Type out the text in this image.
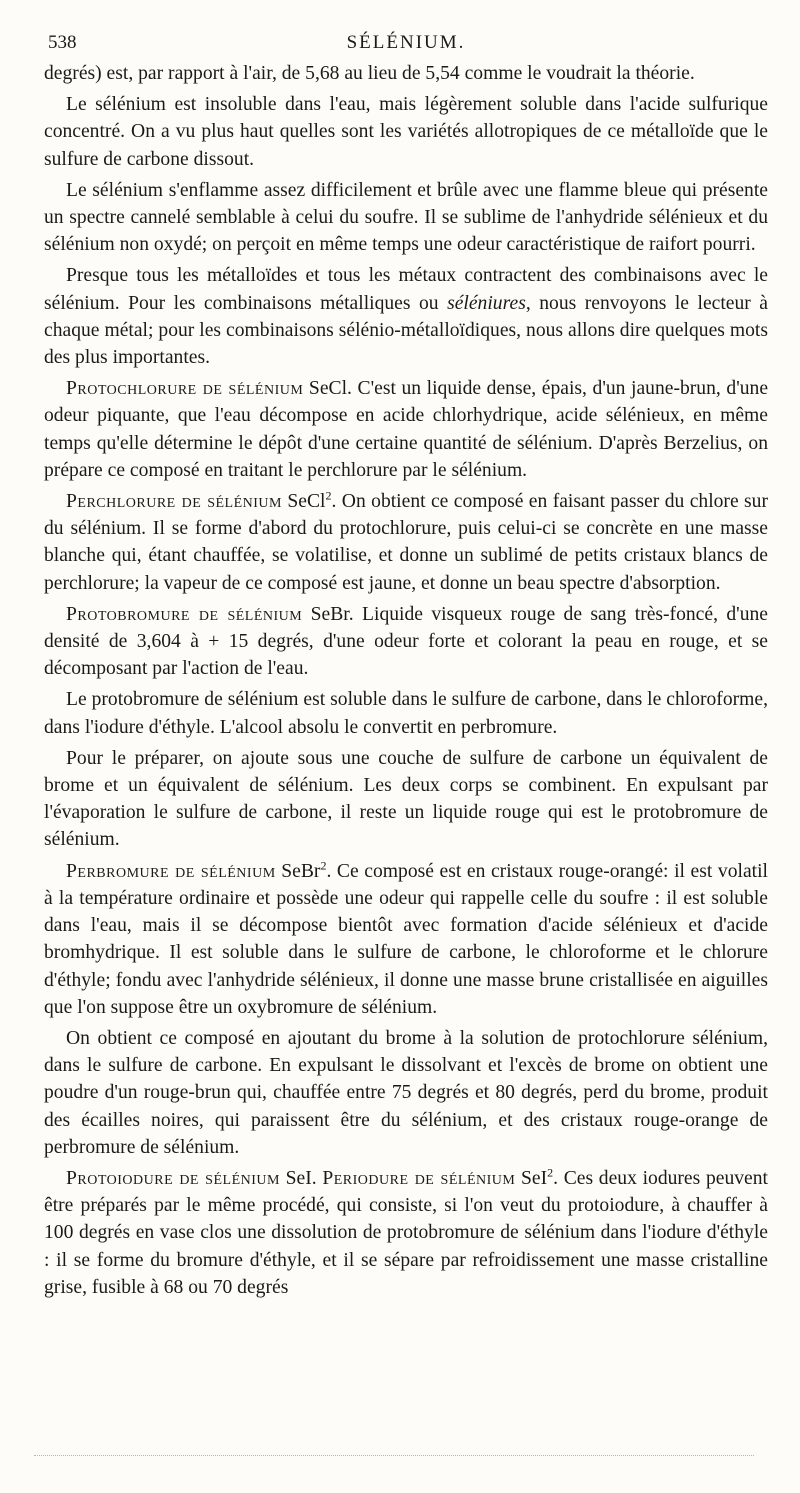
538	SÉLÉNIUM.

degrés) est, par rapport à l'air, de 5,68 au lieu de 5,54 comme le voudrait la théorie.

Le sélénium est insoluble dans l'eau, mais légèrement soluble dans l'acide sulfurique concentré. On a vu plus haut quelles sont les variétés allotropiques de ce métalloïde que le sulfure de carbone dissout.

Le sélénium s'enflamme assez difficilement et brûle avec une flamme bleue qui présente un spectre cannelé semblable à celui du soufre. Il se sublime de l'anhydride sélénieux et du sélénium non oxydé; on perçoit en même temps une odeur caractéristique de raifort pourri.

Presque tous les métalloïdes et tous les métaux contractent des combinaisons avec le sélénium. Pour les combinaisons métalliques ou séléniures, nous renvoyons le lecteur à chaque métal; pour les combinaisons sélénio-métalloïdiques, nous allons dire quelques mots des plus importantes.

Protochlorure de sélénium SeCl. C'est un liquide dense, épais, d'un jaune-brun, d'une odeur piquante, que l'eau décompose en acide chlorhydrique, acide sélénieux, en même temps qu'elle détermine le dépôt d'une certaine quantité de sélénium. D'après Berzelius, on prépare ce composé en traitant le perchlorure par le sélénium.

Perchlorure de sélénium SeCl$^2$. On obtient ce composé en faisant passer du chlore sur du sélénium. Il se forme d'abord du protochlorure, puis celui-ci se concrète en une masse blanche qui, étant chauffée, se volatilise, et donne un sublimé de petits cristaux blancs de perchlorure; la vapeur de ce composé est jaune, et donne un beau spectre d'absorption.

Protobromure de sélénium SeBr. Liquide visqueux rouge de sang très-foncé, d'une densité de 3,604 à + 15 degrés, d'une odeur forte et colorant la peau en rouge, et se décomposant par l'action de l'eau.

Le protobromure de sélénium est soluble dans le sulfure de carbone, dans le chloroforme, dans l'iodure d'éthyle. L'alcool absolu le convertit en perbromure.

Pour le préparer, on ajoute sous une couche de sulfure de carbone un équivalent de brome et un équivalent de sélénium. Les deux corps se combinent. En expulsant par l'évaporation le sulfure de carbone, il reste un liquide rouge qui est le protobromure de sélénium.

Perbromure de sélénium SeBr$^2$. Ce composé est en cristaux rouge-orangé: il est volatil à la température ordinaire et possède une odeur qui rappelle celle du soufre : il est soluble dans l'eau, mais il se décompose bientôt avec formation d'acide sélénieux et d'acide bromhydrique. Il est soluble dans le sulfure de carbone, le chloroforme et le chlorure d'éthyle; fondu avec l'anhydride sélénieux, il donne une masse brune cristallisée en aiguilles que l'on suppose être un oxybromure de sélénium.

On obtient ce composé en ajoutant du brome à la solution de protochlorure sélénium, dans le sulfure de carbone. En expulsant le dissolvant et l'excès de brome on obtient une poudre d'un rouge-brun qui, chauffée entre 75 degrés et 80 degrés, perd du brome, produit des écailles noires, qui paraissent être du sélénium, et des cristaux rouge-orange de perbromure de sélénium.

Protoiodure de sélénium SeI. Periodure de sélénium SeI$^2$. Ces deux iodures peuvent être préparés par le même procédé, qui consiste, si l'on veut du protoiodure, à chauffer à 100 degrés en vase clos une dissolution de protobromure de sélénium dans l'iodure d'éthyle : il se forme du bromure d'éthyle, et il se sépare par refroidissement une masse cristalline grise, fusible à 68 ou 70 degrés
